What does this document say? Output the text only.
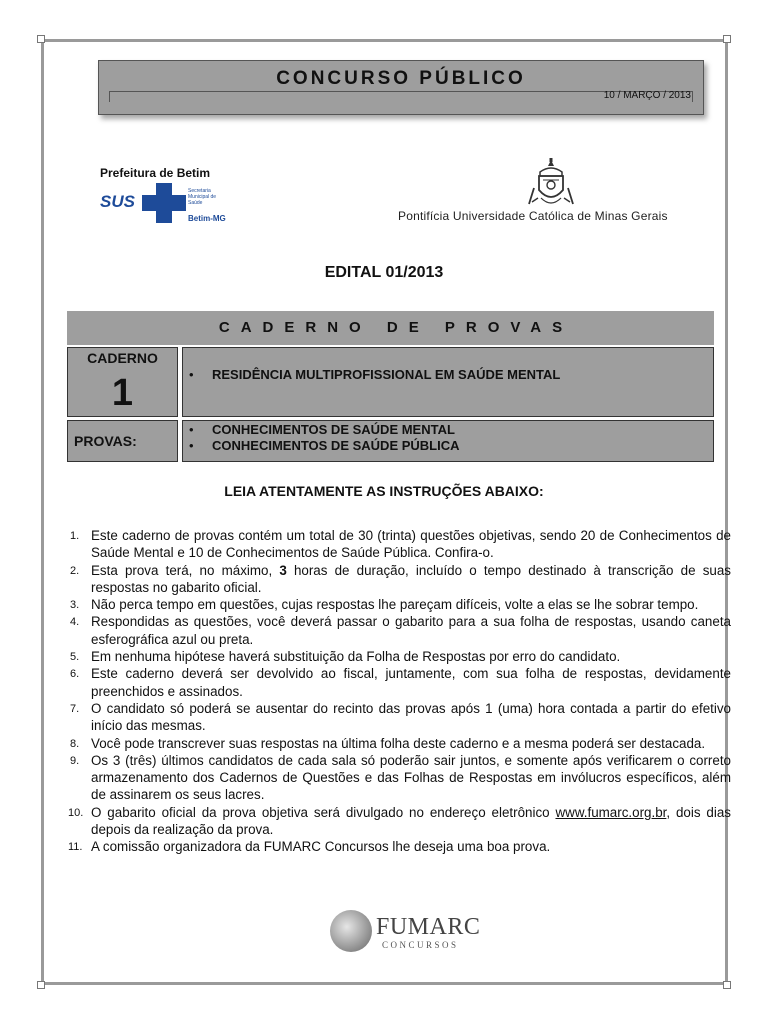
CONCURSO PÚBLICO
10 / MARÇO / 2013
Prefeitura de Betim
SUS
Secretaria Municipal de Saúde
Betim-MG	Pontifícia Universidade Católica de Minas Gerais
EDITAL 01/2013
CADERNO DE PROVAS
CADERNO
1	• RESIDÊNCIA MULTIPROFISSIONAL EM SAÚDE MENTAL
PROVAS:
• CONHECIMENTOS DE SAÚDE MENTAL
• CONHECIMENTOS DE SAÚDE PÚBLICA
LEIA ATENTAMENTE AS INSTRUÇÕES ABAIXO:
1. Este caderno de provas contém um total de 30 (trinta) questões objetivas, sendo 20 de Conhecimentos de Saúde Mental e 10 de Conhecimentos de Saúde Pública. Confira-o.
2. Esta prova terá, no máximo, 3 horas de duração, incluído o tempo destinado à transcrição de suas respostas no gabarito oficial.
3. Não perca tempo em questões, cujas respostas lhe pareçam difíceis, volte a elas se lhe sobrar tempo.
4. Respondidas as questões, você deverá passar o gabarito para a sua folha de respostas, usando caneta esferográfica azul ou preta.
5. Em nenhuma hipótese haverá substituição da Folha de Respostas por erro do candidato.
6. Este caderno deverá ser devolvido ao fiscal, juntamente, com sua folha de respostas, devidamente preenchidos e assinados.
7. O candidato só poderá se ausentar do recinto das provas após 1 (uma) hora contada a partir do efetivo início das mesmas.
8. Você pode transcrever suas respostas na última folha deste caderno e a mesma poderá ser destacada.
9. Os 3 (três) últimos candidatos de cada sala só poderão sair juntos, e somente após verificarem o correto armazenamento dos Cadernos de Questões e das Folhas de Respostas em invólucros específicos, além de assinarem os seus lacres.
10. O gabarito oficial da prova objetiva será divulgado no endereço eletrônico www.fumarc.org.br, dois dias depois da realização da prova.
11. A comissão organizadora da FUMARC Concursos lhe deseja uma boa prova.
FUMARC
CONCURSOS
